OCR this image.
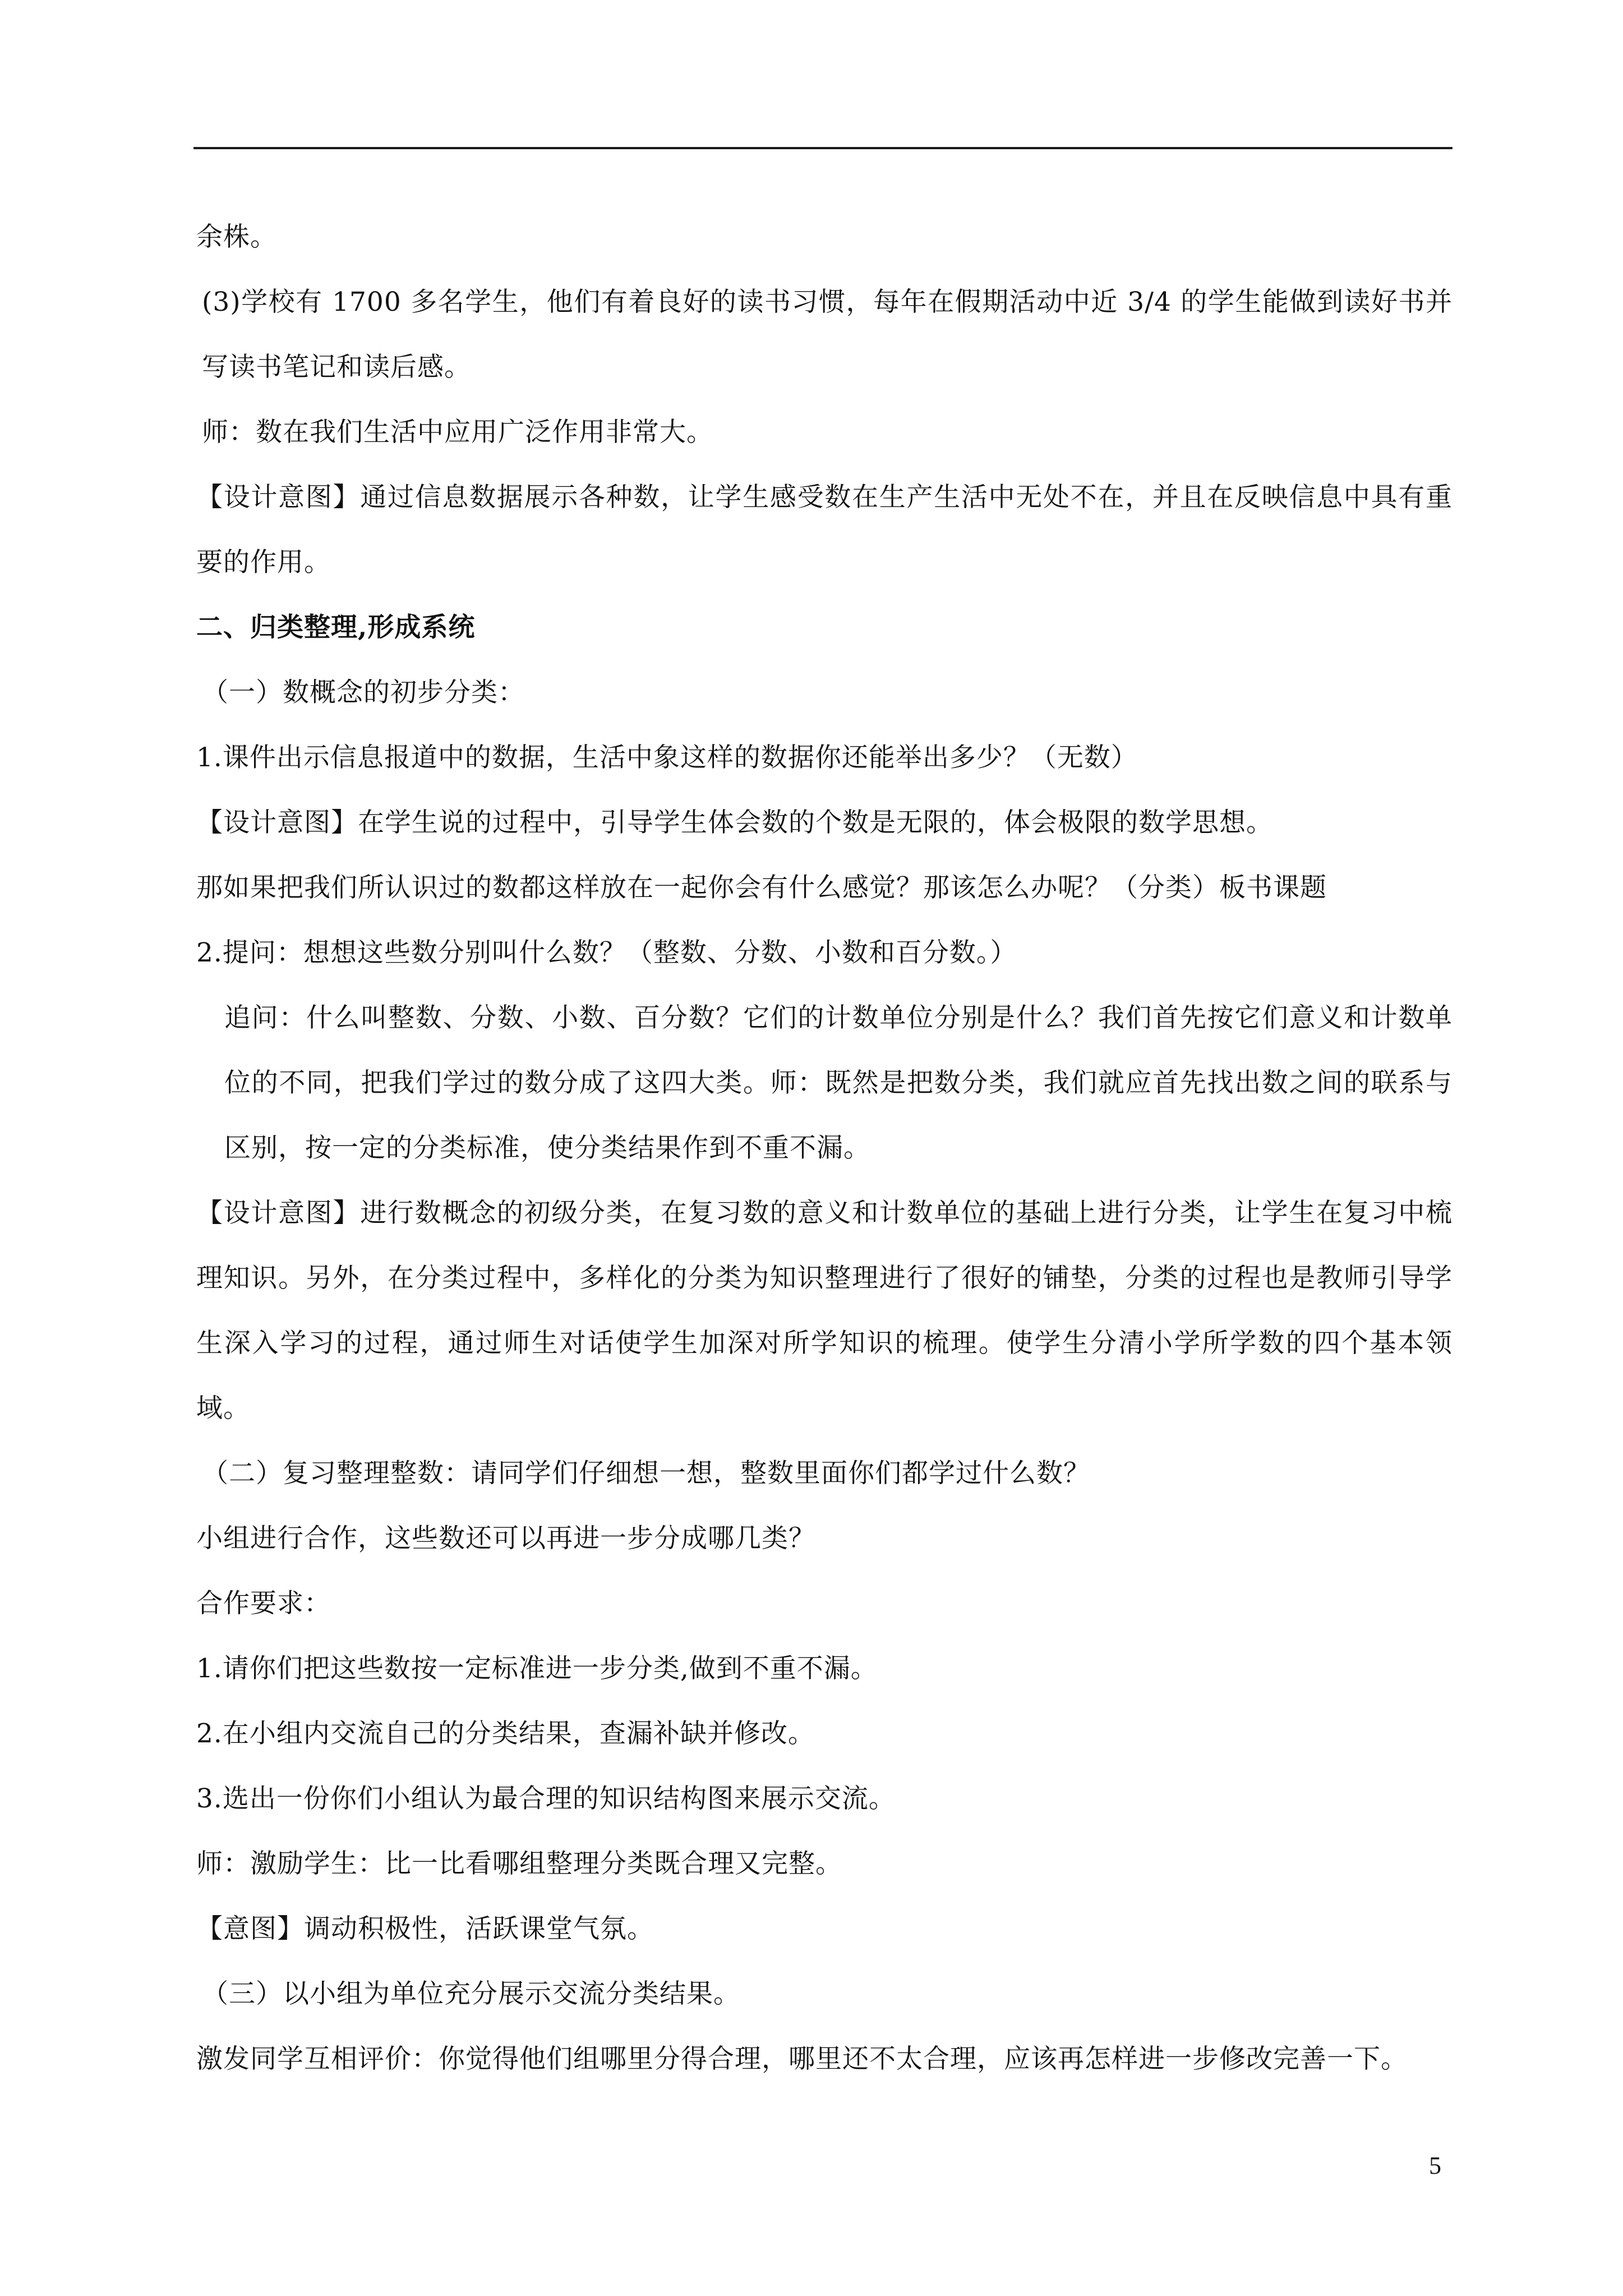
余株。

(3)学校有 1700 多名学生，他们有着良好的读书习惯，每年在假期活动中近 3/4 的学生能做到读好书并写读书笔记和读后感。

师：数在我们生活中应用广泛作用非常大。

【设计意图】通过信息数据展示各种数，让学生感受数在生产生活中无处不在，并且在反映信息中具有重要的作用。

二、归类整理,形成系统

（一）数概念的初步分类：

1.课件出示信息报道中的数据，生活中象这样的数据你还能举出多少？（无数）

【设计意图】在学生说的过程中，引导学生体会数的个数是无限的，体会极限的数学思想。

那如果把我们所认识过的数都这样放在一起你会有什么感觉？那该怎么办呢？（分类）板书课题

2.提问：想想这些数分别叫什么数？（整数、分数、小数和百分数。）

追问：什么叫整数、分数、小数、百分数？它们的计数单位分别是什么？我们首先按它们意义和计数单位的不同，把我们学过的数分成了这四大类。师：既然是把数分类，我们就应首先找出数之间的联系与区别，按一定的分类标准，使分类结果作到不重不漏。

【设计意图】进行数概念的初级分类，在复习数的意义和计数单位的基础上进行分类，让学生在复习中梳理知识。另外，在分类过程中，多样化的分类为知识整理进行了很好的铺垫，分类的过程也是教师引导学生深入学习的过程，通过师生对话使学生加深对所学知识的梳理。使学生分清小学所学数的四个基本领域。

（二）复习整理整数：请同学们仔细想一想，整数里面你们都学过什么数？

小组进行合作，这些数还可以再进一步分成哪几类？

合作要求：

1.请你们把这些数按一定标准进一步分类,做到不重不漏。

2.在小组内交流自己的分类结果，查漏补缺并修改。

3.选出一份你们小组认为最合理的知识结构图来展示交流。

师：激励学生：比一比看哪组整理分类既合理又完整。

【意图】调动积极性，活跃课堂气氛。

（三）以小组为单位充分展示交流分类结果。

激发同学互相评价：你觉得他们组哪里分得合理，哪里还不太合理，应该再怎样进一步修改完善一下。

5
